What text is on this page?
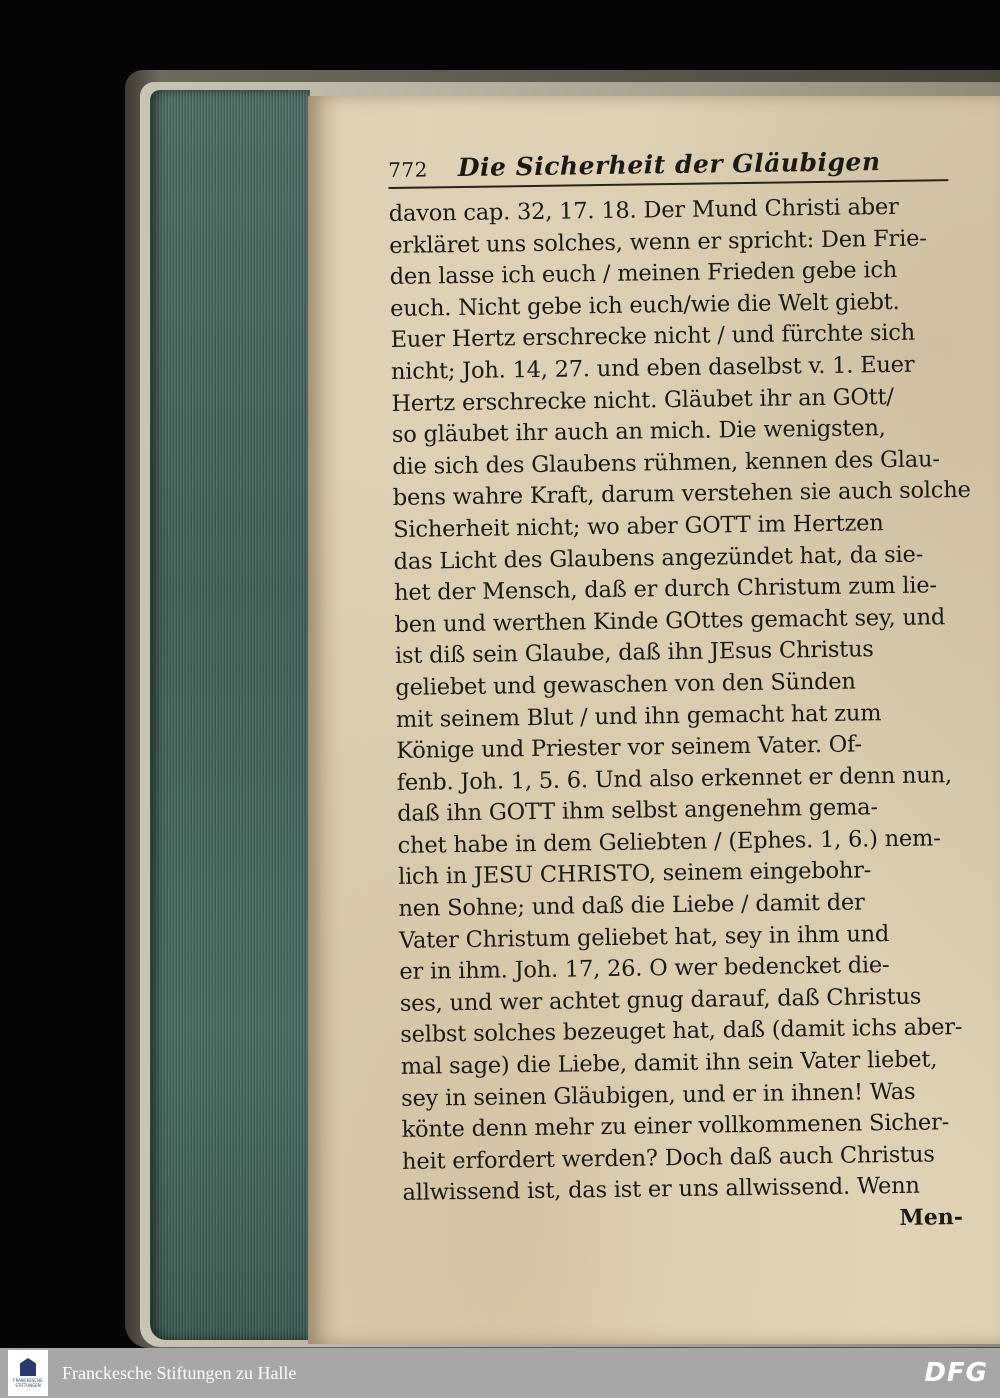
772 Die Sicherheit der Gläubigen
davon cap. 32, 17. 18. Der Mund Christi aber
erkläret uns solches, wenn er spricht: Den Frie-
den lasse ich euch / meinen Frieden gebe ich
euch. Nicht gebe ich euch/wie die Welt giebt.
Euer Hertz erschrecke nicht / und fürchte sich
nicht; Joh. 14, 27. und eben daselbst v. 1. Euer
Hertz erschrecke nicht. Gläubet ihr an GOtt/
so gläubet ihr auch an mich. Die wenigsten,
die sich des Glaubens rühmen, kennen des Glau-
bens wahre Kraft, darum verstehen sie auch solche
Sicherheit nicht; wo aber GOTT im Hertzen
das Licht des Glaubens angezündet hat, da sie-
het der Mensch, daß er durch Christum zum lie-
ben und werthen Kinde GOttes gemacht sey, und
ist diß sein Glaube, daß ihn JEsus Christus
geliebet und gewaschen von den Sünden
mit seinem Blut / und ihn gemacht hat zum
Könige und Priester vor seinem Vater. Of-
fenb. Joh. 1, 5. 6. Und also erkennet er denn nun,
daß ihn GOTT ihm selbst angenehm gema-
chet habe in dem Geliebten / (Ephes. 1, 6.) nem-
lich in JESU CHRISTO, seinem eingebohr-
nen Sohne; und daß die Liebe / damit der
Vater Christum geliebet hat, sey in ihm und
er in ihm. Joh. 17, 26. O wer bedencket die-
ses, und wer achtet gnug darauf, daß Christus
selbst solches bezeuget hat, daß (damit ichs aber-
mal sage) die Liebe, damit ihn sein Vater liebet,
sey in seinen Gläubigen, und er in ihnen! Was
könte denn mehr zu einer vollkommenen Sicher-
heit erfordert werden? Doch daß auch Christus
allwissend ist, das ist er uns allwissend. Wenn
Men-
FRANCKESCHE STIFTUNGEN
Franckesche Stiftungen zu Halle	DFG
